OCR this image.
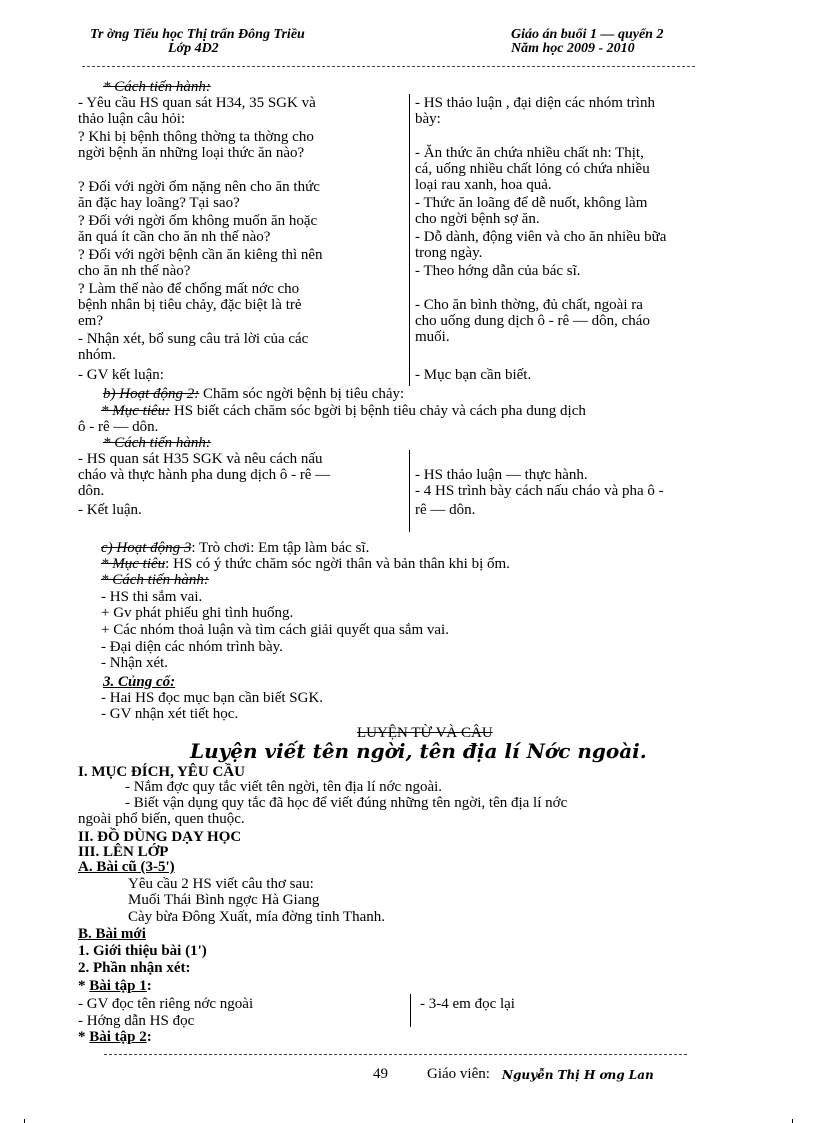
Tr ờng Tiểu học Thị trấn Đông Triều
Lớp 4D2
Giáo án buổi 1 — quyển 2
Năm học 2009 - 2010
* Cách tiến hành:
- Yêu cầu HS quan sát H34, 35 SGK và
thảo luận câu hỏi:
? Khi bị bệnh thông thờng ta thờng cho
ngời bệnh ăn những loại thức ăn nào?
? Đối với ngời ốm nặng nên cho ăn thức
ăn đặc hay loãng? Tại sao?
? Đối với ngời ốm không muốn ăn hoặc
ăn quá ít cần cho ăn nh thế nào?
? Đối với ngời bệnh cần ăn kiêng thì nên
cho ăn nh thế nào?
? Làm thế nào để chống mất nớc cho
bệnh nhân bị tiêu chảy, đặc biệt là trẻ
em?
- Nhận xét, bổ sung câu trả lời của các
nhóm.
- GV kết luận:
- HS thảo luận , đại diện các nhóm trình
bày:
- Ăn thức ăn chứa nhiều chất nh: Thịt,
cá, uống nhiều chất lỏng có chứa nhiều
loại rau xanh, hoa quả.
- Thức ăn loãng để dễ nuốt, không làm
cho ngời bệnh sợ ăn.
- Dỗ dành, động viên và cho ăn nhiều bữa
trong ngày.
- Theo hớng dẫn của bác sĩ.
- Cho ăn bình thờng, đủ chất, ngoài ra
cho uống dung dịch ô - rê — dôn, cháo
muối.
- Mục bạn cần biết.
b) Hoạt động 2: Chăm sóc ngời bệnh bị tiêu chảy:
* Mục tiêu: HS biết cách chăm sóc bgời bị bệnh tiêu chảy và cách pha dung dịch
ô - rê — dôn.
* Cách tiến hành:
- HS quan sát H35 SGK và nêu cách nấu
cháo và thực hành pha dung dịch ô - rê —
dôn.
- Kết luận.
- HS thảo luận — thực hành.
- 4 HS trình bày cách nấu cháo và pha ô -
rê — dôn.
c) Hoạt động 3: Trò chơi: Em tập làm bác sĩ.
* Mục tiêu: HS có ý thức chăm sóc ngời thân và bản thân khi bị ốm.
* Cách tiến hành:
- HS thi sắm vai.
+ Gv phát phiếu ghi tình huống.
+ Các nhóm thoả luận và tìm cách giải quyết qua sắm vai.
- Đại diện các nhóm trình bày.
- Nhận xét.
3. Củng cố:
- Hai HS đọc mục bạn cần biết SGK.
- GV nhận xét tiết học.
LUYỆN TỪ VÀ CÂU
Luyện viết tên ngời, tên địa lí Nớc ngoài.
I. MỤC ĐÍCH, YÊU CẦU
- Nắm đợc quy tắc viết tên ngời, tên địa lí nớc ngoài.
- Biết vận dụng quy tắc đã học để viết đúng những tên ngời, tên địa lí nớc
ngoài phổ biến, quen thuộc.
II. ĐỒ DÙNG DẠY HỌC
III. LÊN LỚP
A. Bài cũ (3-5')
Yêu cầu 2 HS viết câu thơ sau:
Muối Thái Bình ngợc Hà Giang
Cày bừa Đông Xuất, mía đờng tỉnh Thanh.
B. Bài mới
1. Giới thiệu bài (1')
2. Phần nhận xét:
* Bài tập 1:
- GV đọc tên riêng nớc ngoài
- Hớng dẫn HS đọc
- 3-4 em đọc lại
* Bài tập 2:
49	Giáo viên: Nguyễn Thị H ơng Lan
